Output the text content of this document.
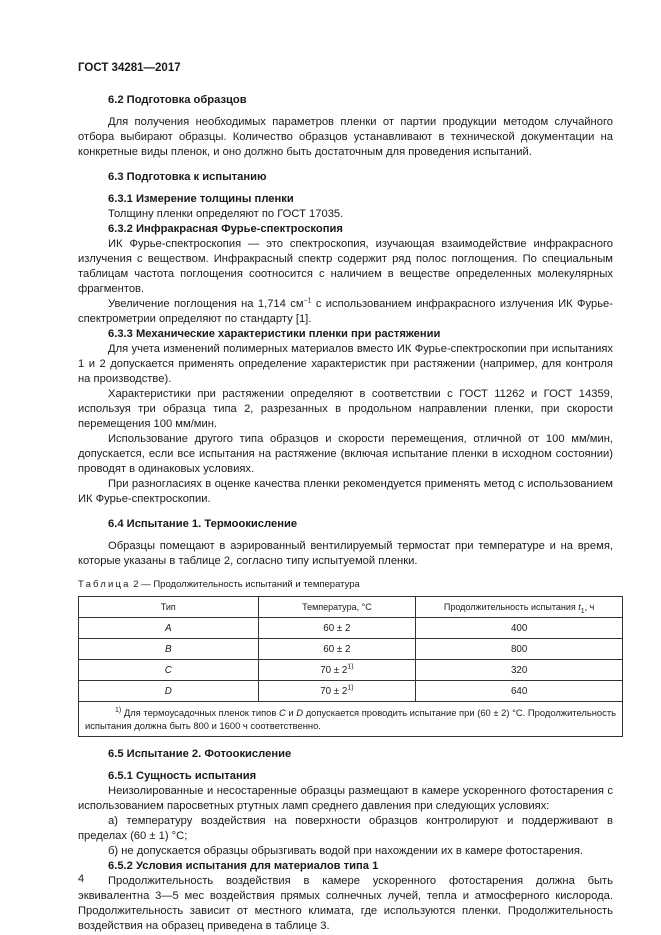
ГОСТ 34281—2017
6.2 Подготовка образцов

Для получения необходимых параметров пленки от партии продукции методом случайного отбора выбирают образцы. Количество образцов устанавливают в технической документации на конкретные виды пленок, и оно должно быть достаточным для проведения испытаний.

6.3 Подготовка к испытанию
6.3.1 Измерение толщины пленки

Толщину пленки определяют по ГОСТ 17035.

6.3.2 Инфракрасная Фурье-спектроскопия

ИК Фурье-спектроскопия — это спектроскопия, изучающая взаимодействие инфракрасного излучения с веществом. Инфракрасный спектр содержит ряд полос поглощения. По специальным таблицам частота поглощения соотносится с наличием в веществе определенных молекулярных фрагментов.

Увеличение поглощения на 1,714 $см^{-1}$ с использованием инфракрасного излучения ИК Фурье-спектрометрии определяют по стандарту [1].

6.3.3 Механические характеристики пленки при растяжении

Для учета изменений полимерных материалов вместо ИК Фурье-спектроскопии при испытаниях 1 и 2 допускается применять определение характеристик при растяжении (например, для контроля на производстве).

Характеристики при растяжении определяют в соответствии с ГОСТ 11262 и ГОСТ 14359, используя три образца типа 2, разрезанных в продольном направлении пленки, при скорости перемещения 100 мм/мин.

Использование другого типа образцов и скорости перемещения, отличной от 100 мм/мин, допускается, если все испытания на растяжение (включая испытание пленки в исходном состоянии) проводят в одинаковых условиях.

При разногласиях в оценке качества пленки рекомендуется применять метод с использованием ИК Фурье-спектроскопии.

6.4 Испытание 1. Термоокисление

Образцы помещают в аэрированный вентилируемый термостат при температуре и на время, которые указаны в таблице 2, согласно типу испытуемой пленки.

Таблица 2 — Продолжительность испытаний и температура

Тип	Температура, °С	Продолжительность испытания $t_1$, ч
A	60 ± 2	400
B	60 ± 2	800
C	$70 \pm 2^{1)}$	320
D	$70 \pm 2^{1)}$	640
$^{1)}$ Для термоусадочных пленок типов С и D допускается проводить испытание при (60 ± 2) °С. Продолжительность испытания должна быть 800 и 1600 ч соответственно.		
6.5 Испытание 2. Фотоокисление
6.5.1 Сущность испытания

Неизолированные и несостаренные образцы размещают в камере ускоренного фотостарения с использованием паросветных ртутных ламп среднего давления при следующих условиях:

а) температуру воздействия на поверхности образцов контролируют и поддерживают в пределах (60 ± 1) °С;

б) не допускается образцы обрызгивать водой при нахождении их в камере фотостарения.

6.5.2 Условия испытания для материалов типа 1

Продолжительность воздействия в камере ускоренного фотостарения должна быть эквивалентна 3—5 мес воздействия прямых солнечных лучей, тепла и атмосферного кислорода. Продолжительность зависит от местного климата, где используются пленки. Продолжительность воздействия на образец приведена в таблице 3.

4
